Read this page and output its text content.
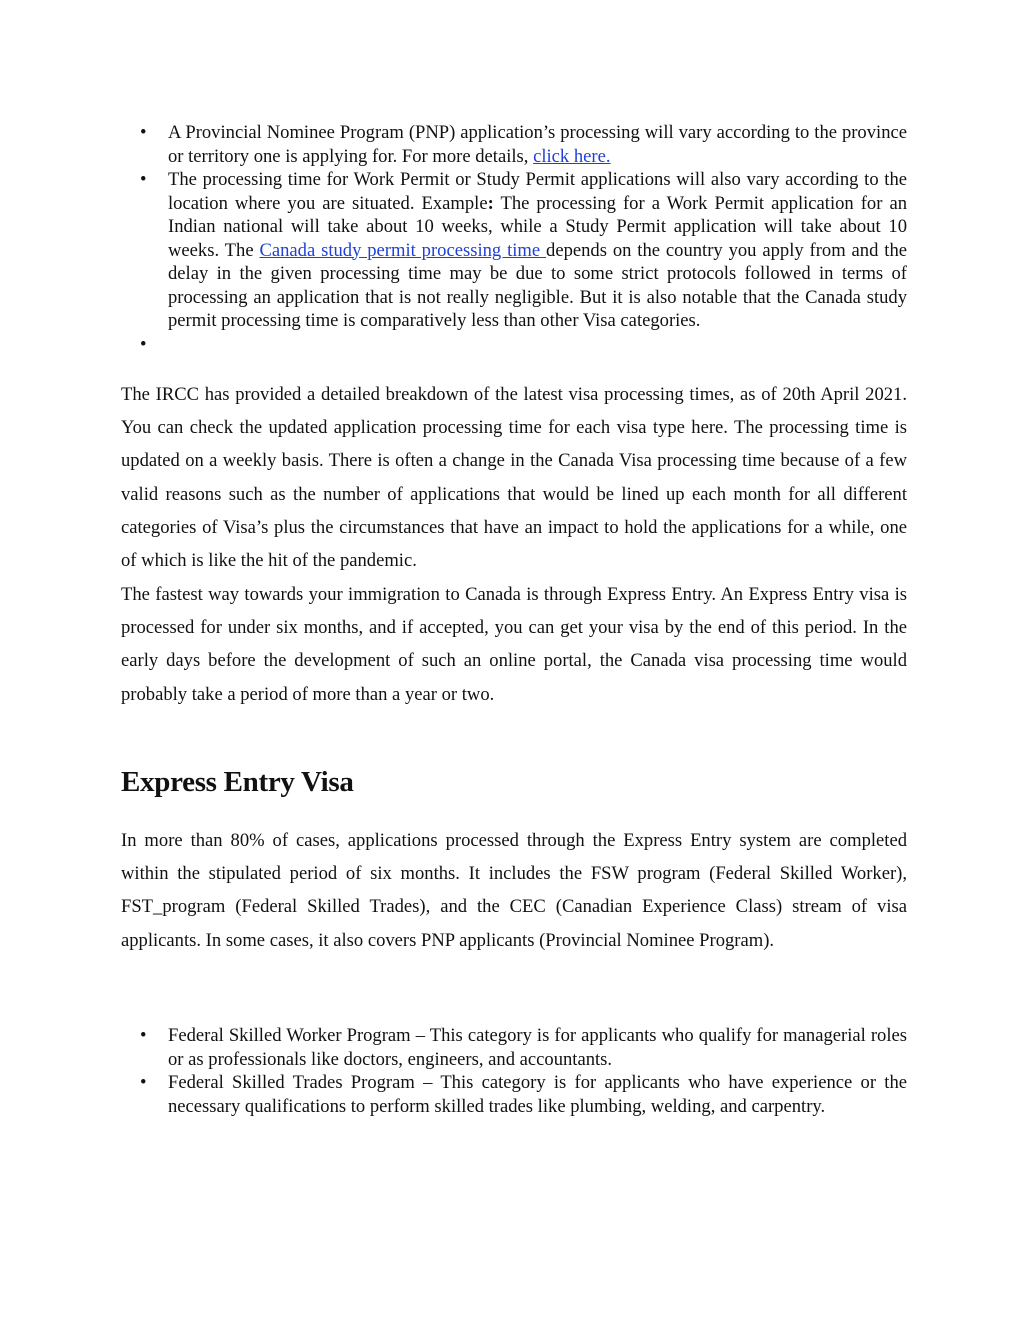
• A Provincial Nominee Program (PNP) application’s processing will vary according to the province or territory one is applying for. For more details, click here.
• The processing time for Work Permit or Study Permit applications will also vary according to the location where you are situated. Example: The processing for a Work Permit application for an Indian national will take about 10 weeks, while a Study Permit application will take about 10 weeks. The Canada study permit processing time depends on the country you apply from and the delay in the given processing time may be due to some strict protocols followed in terms of processing an application that is not really negligible. But it is also notable that the Canada study permit processing time is comparatively less than other Visa categories.
•

The IRCC has provided a detailed breakdown of the latest visa processing times, as of 20th April 2021. You can check the updated application processing time for each visa type here. The processing time is updated on a weekly basis. There is often a change in the Canada Visa processing time because of a few valid reasons such as the number of applications that would be lined up each month for all different categories of Visa’s plus the circumstances that have an impact to hold the applications for a while, one of which is like the hit of the pandemic.

The fastest way towards your immigration to Canada is through Express Entry. An Express Entry visa is processed for under six months, and if accepted, you can get your visa by the end of this period. In the early days before the development of such an online portal, the Canada visa processing time would probably take a period of more than a year or two.

Express Entry Visa

In more than 80% of cases, applications processed through the Express Entry system are completed within the stipulated period of six months. It includes the FSW program (Federal Skilled Worker), FST_program (Federal Skilled Trades), and the CEC (Canadian Experience Class) stream of visa applicants. In some cases, it also covers PNP applicants (Provincial Nominee Program).

• Federal Skilled Worker Program – This category is for applicants who qualify for managerial roles or as professionals like doctors, engineers, and accountants.
• Federal Skilled Trades Program – This category is for applicants who have experience or the necessary qualifications to perform skilled trades like plumbing, welding, and carpentry.
